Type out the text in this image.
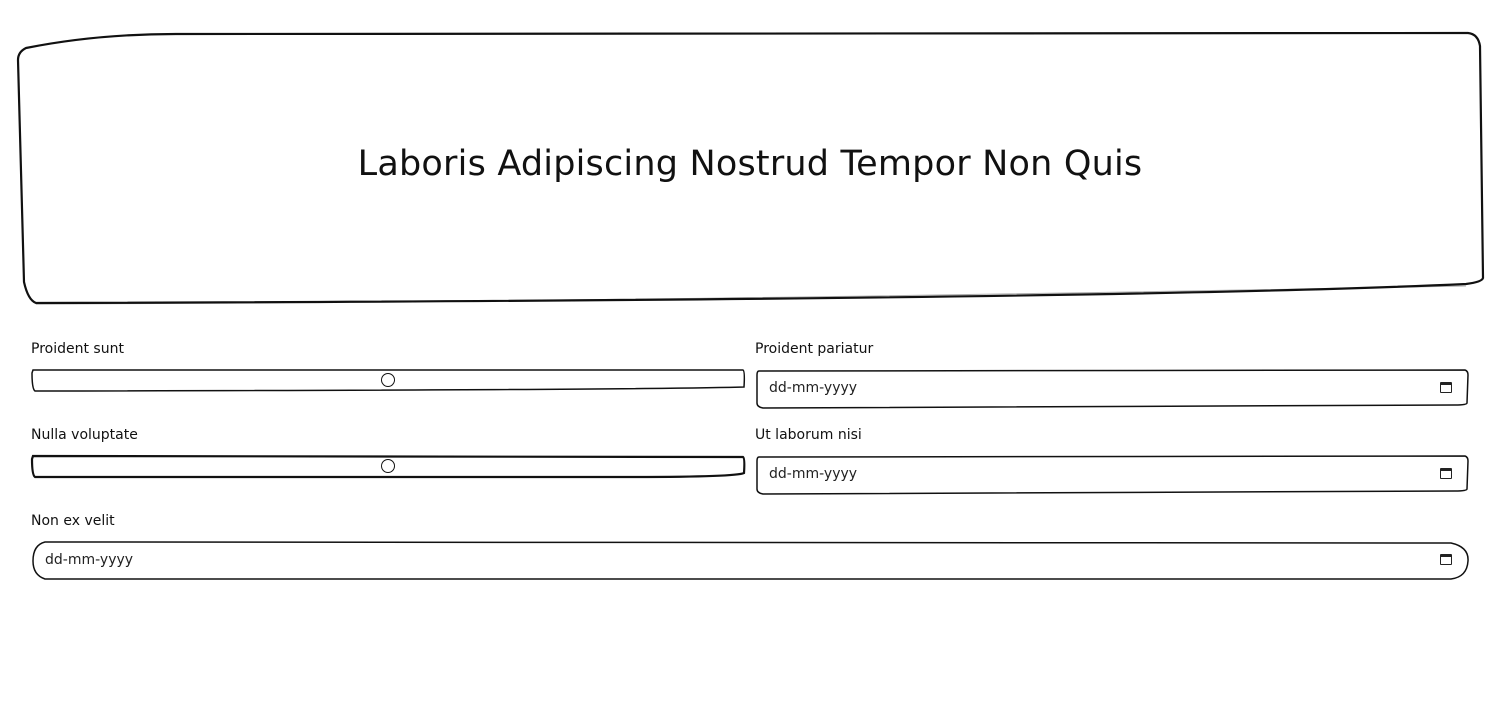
Laboris Adipiscing Nostrud Tempor Non Quis
Proident sunt	Proident pariatur
dd-mm-yyyy
Nulla voluptate	Ut laborum nisi
dd-mm-yyyy
Non ex velit
dd-mm-yyyy
